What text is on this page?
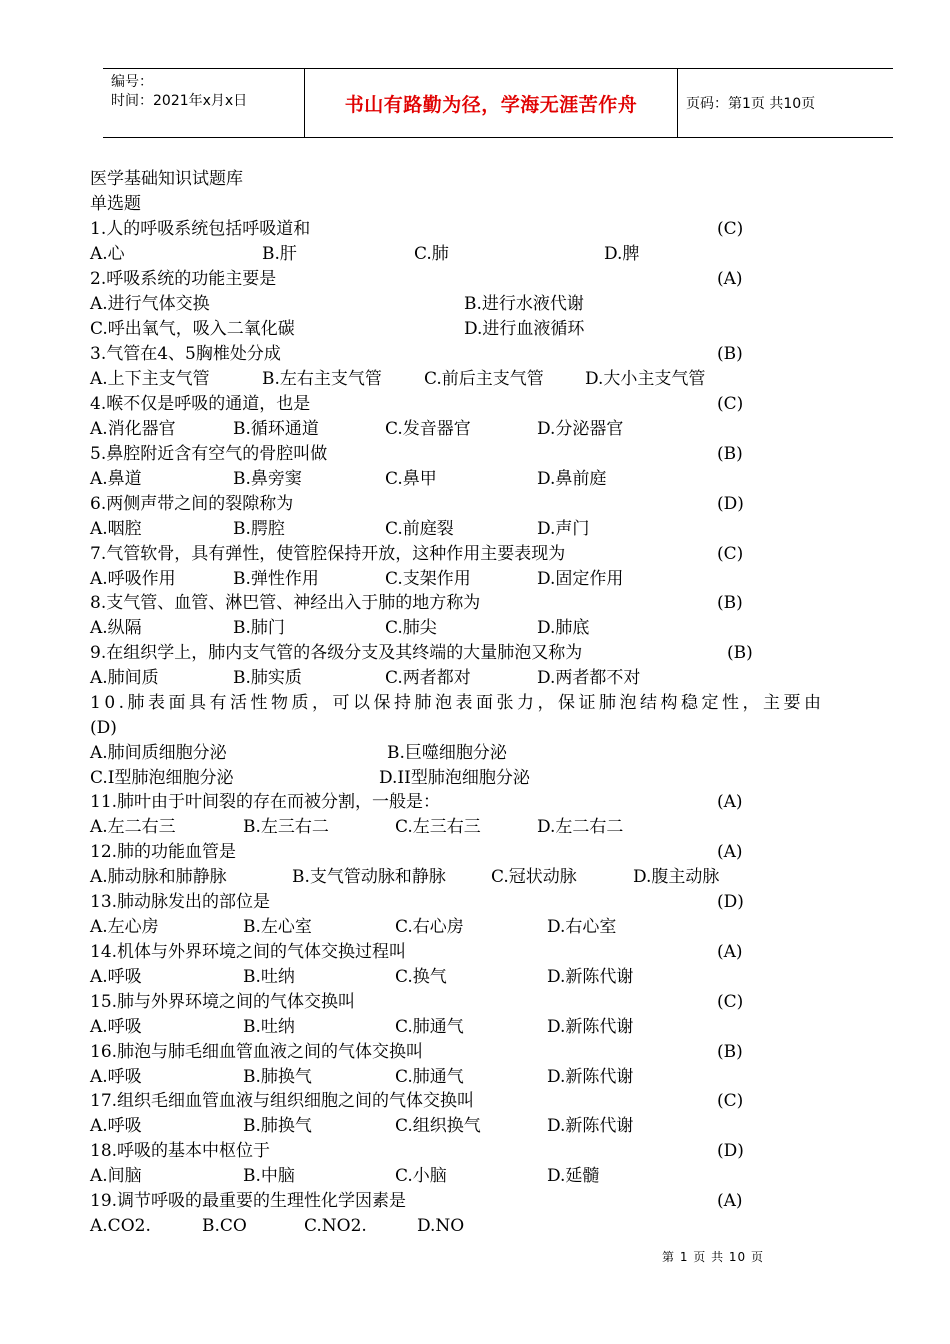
编号：
时间：2021年x月x日	书山有路勤为径，学海无涯苦作舟	页码：第1页 共10页
医学基础知识试题库
单选题
1.人的呼吸系统包括呼吸道和	(C)
A.心	B.肝	C.肺	D.脾
2.呼吸系统的功能主要是	(A)
A.进行气体交换	B.进行水液代谢
C.呼出氧气，吸入二氧化碳	D.进行血液循环
3.气管在4、5胸椎处分成	(B)
A.上下主支气管	B.左右主支气管 C.前后主支气管 D.大小主支气管
4.喉不仅是呼吸的通道，也是	(C)
A.消化器官	B.循环通道	C.发音器官	D.分泌器官
5.鼻腔附近含有空气的骨腔叫做	(B)
A.鼻道	B.鼻旁窦	C.鼻甲	D.鼻前庭
6.两侧声带之间的裂隙称为	(D)
A.咽腔	B.腭腔	C.前庭裂	D.声门
7.气管软骨，具有弹性，使管腔保持开放，这种作用主要表现为	(C)
A.呼吸作用	B.弹性作用	C.支架作用	D.固定作用
8.支气管、血管、淋巴管、神经出入于肺的地方称为	(B)
A.纵隔	B.肺门	C.肺尖	D.肺底
9.在组织学上，肺内支气管的各级分支及其终端的大量肺泡又称为	(B)
A.肺间质	B.肺实质	C.两者都对	D.两者都不对
10.肺表面具有活性物质，可以保持肺泡表面张力，保证肺泡结构稳定性，主要由
(D)
A.肺间质细胞分泌	B.巨噬细胞分泌
C.I型肺泡细胞分泌	D.II型肺泡细胞分泌
11.肺叶由于叶间裂的存在而被分割，一般是：	(A)
A.左二右三	B.左三右二	C.左三右三	D.左二右二
12.肺的功能血管是	(A)
A.肺动脉和肺静脉	B.支气管动脉和静脉	C.冠状动脉	D.腹主动脉
13.肺动脉发出的部位是	(D)
A.左心房	B.左心室	C.右心房	D.右心室
14.机体与外界环境之间的气体交换过程叫	(A)
A.呼吸	B.吐纳	C.换气	D.新陈代谢
15.肺与外界环境之间的气体交换叫	(C)
A.呼吸	B.吐纳	C.肺通气	D.新陈代谢
16.肺泡与肺毛细血管血液之间的气体交换叫	(B)
A.呼吸	B.肺换气	C.肺通气	D.新陈代谢
17.组织毛细血管血液与组织细胞之间的气体交换叫	(C)
A.呼吸	B.肺换气	C.组织换气	D.新陈代谢
18.呼吸的基本中枢位于	(D)
A.间脑	B.中脑	C.小脑	D.延髓
19.调节呼吸的最重要的生理性化学因素是	(A)
A.CO2.	B.CO	C.NO2.	D.NO
第 1 页 共 10 页
